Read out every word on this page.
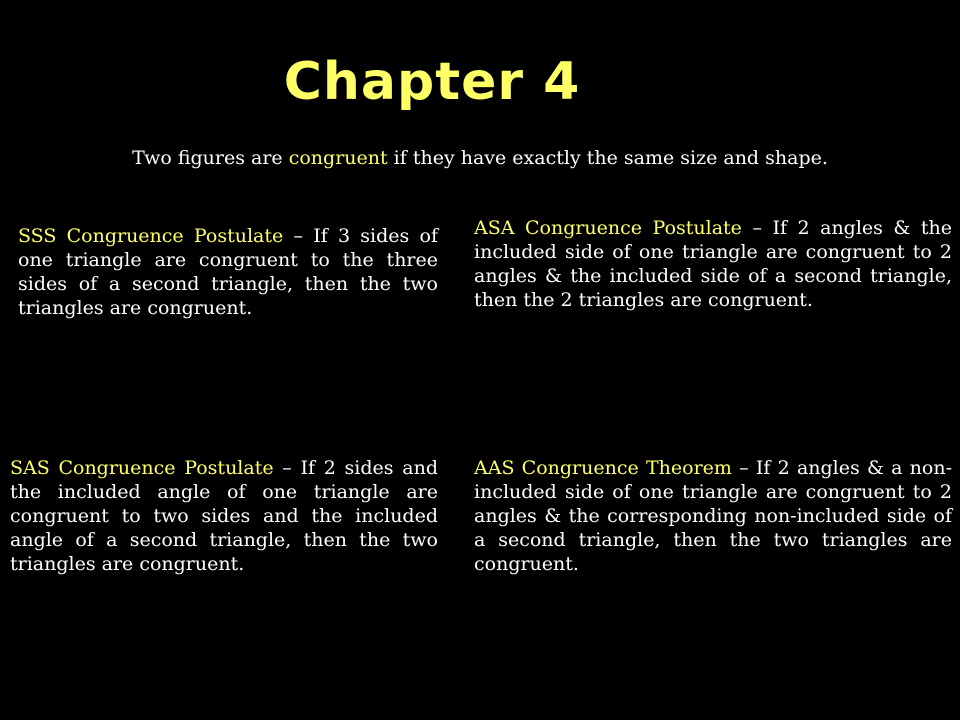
Chapter 4
Two figures are congruent if they have exactly the same size and shape.
SSS Congruence Postulate – If 3 sides of one triangle are congruent to the three sides of a second triangle, then the two triangles are congruent.
ASA Congruence Postulate – If 2 angles & the included side of one triangle are congruent to 2 angles & the included side of a second triangle, then the 2 triangles are congruent.
SAS Congruence Postulate – If 2 sides and the included angle of one triangle are congruent to two sides and the included angle of a second triangle, then the two triangles are congruent.
AAS Congruence Theorem – If 2 angles & a non-included side of one triangle are congruent to 2 angles & the corresponding non-included side of a second triangle, then the two triangles are congruent.
